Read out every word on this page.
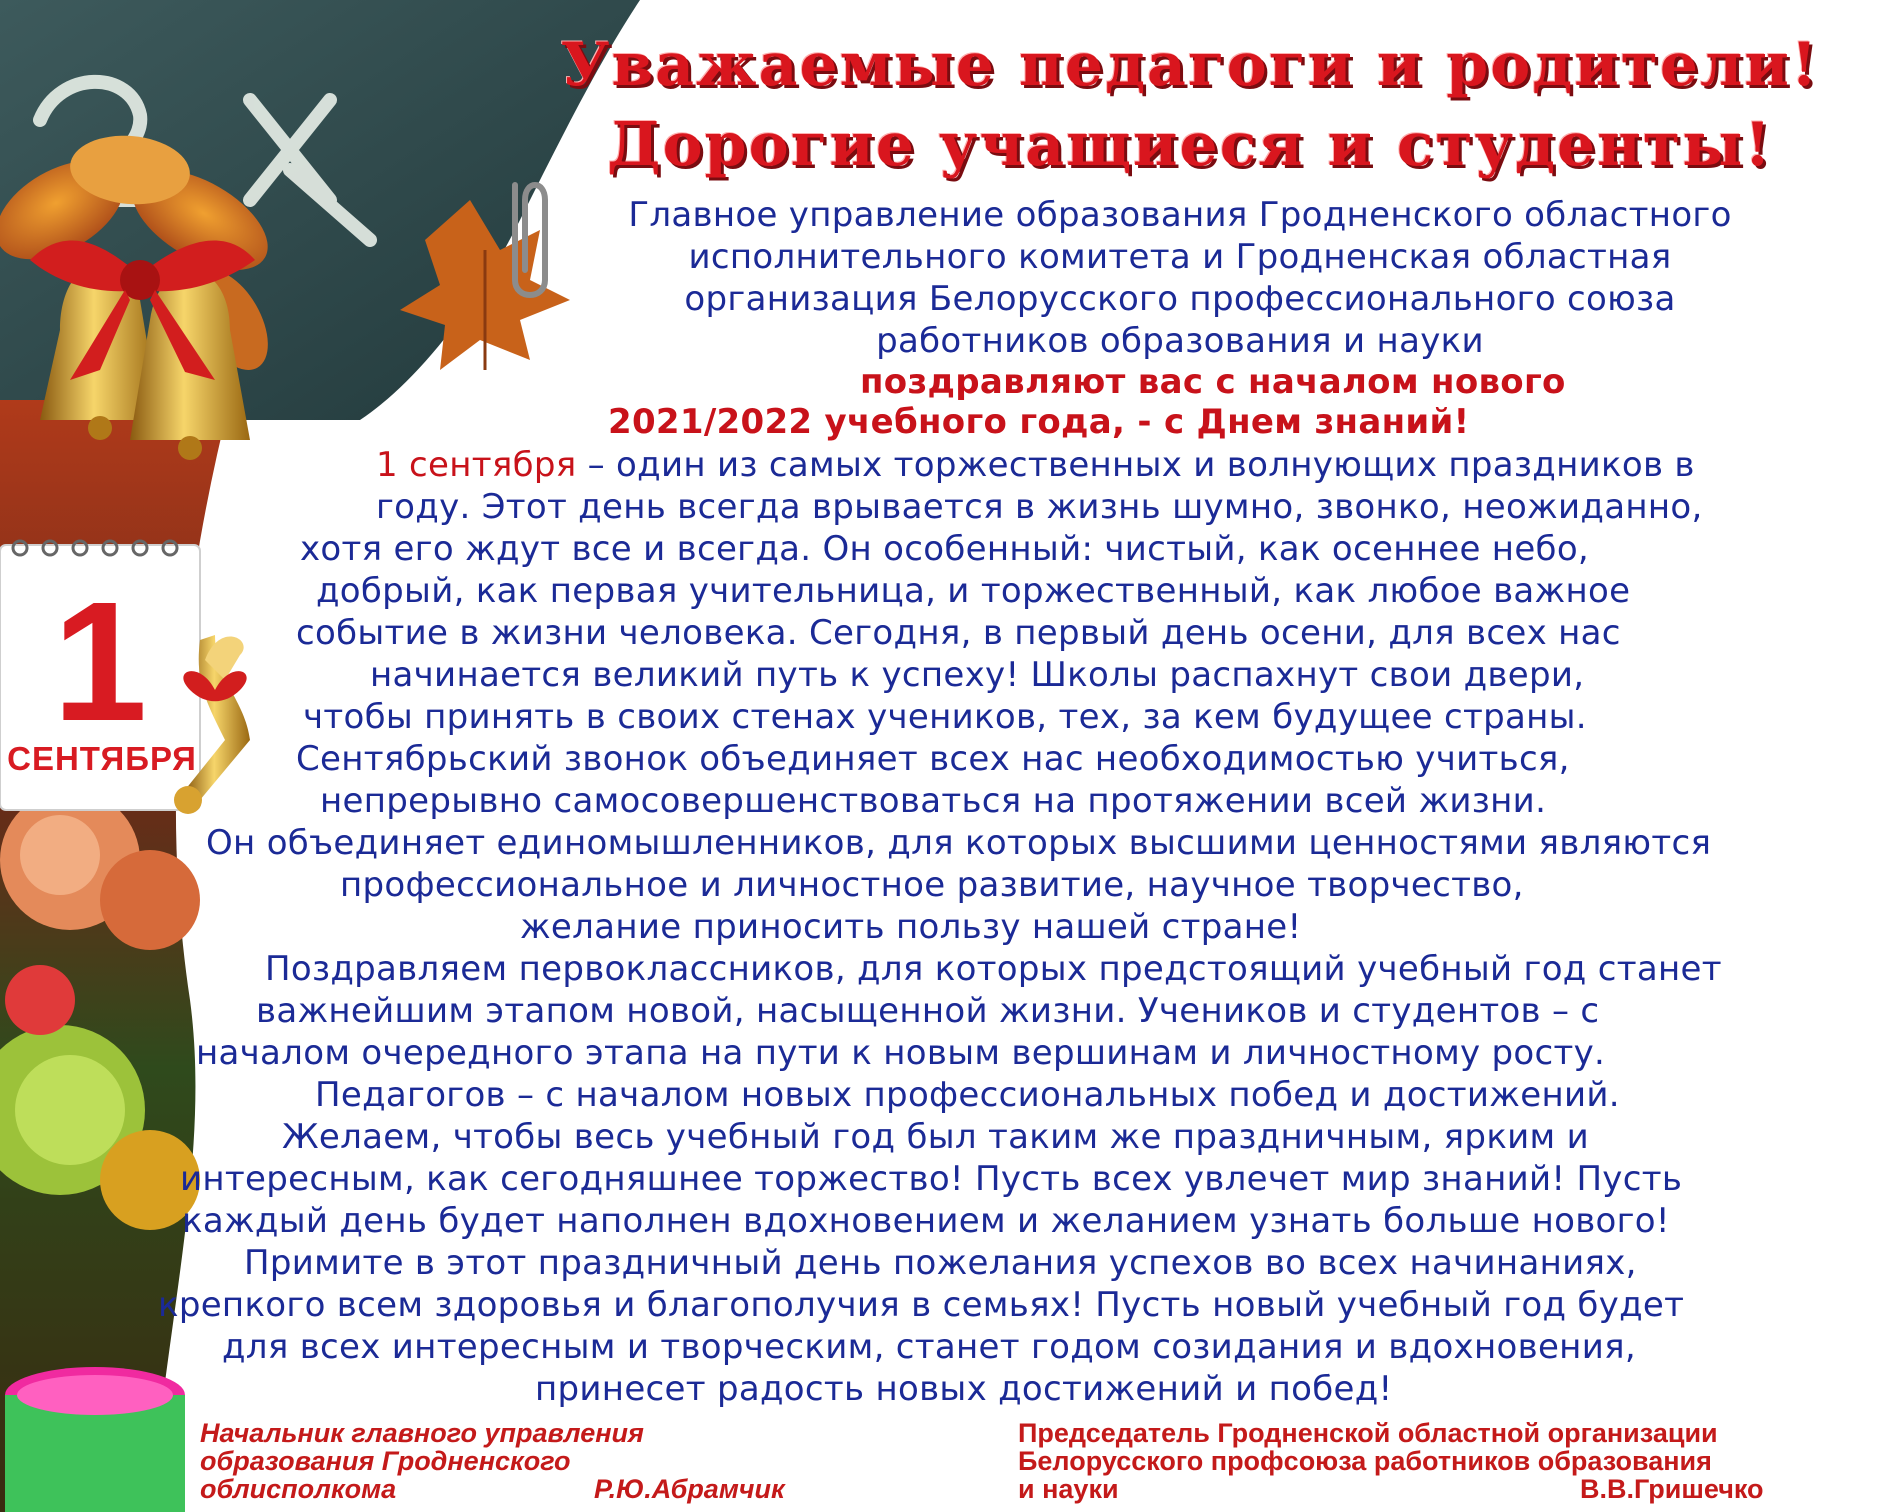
1
СЕНТЯБРЯ
Уважаемые педагоги и родители!
Дорогие учащиеся и студенты!

Главное управление образования Гродненского областного

исполнительного комитета и Гродненская областная

организация Белорусского профессионального союза

работников образования и науки

поздравляют вас с началом нового

2021/2022 учебного года, - с Днем знаний!

1 сентября – один из самых торжественных и волнующих праздников в

году. Этот день всегда врывается в жизнь шумно, звонко, неожиданно,

хотя его ждут все и всегда. Он особенный: чистый, как осеннее небо,

добрый, как первая учительница, и торжественный, как любое важное

событие в жизни человека. Сегодня, в первый день осени, для всех нас

начинается великий путь к успеху! Школы распахнут свои двери,

чтобы принять в своих стенах учеников, тех, за кем будущее страны.

Сентябрьский звонок объединяет всех нас необходимостью учиться,

непрерывно самосовершенствоваться на протяжении всей жизни.

Он объединяет единомышленников, для которых высшими ценностями являются

профессиональное и личностное развитие, научное творчество,

желание приносить пользу нашей стране!

Поздравляем первоклассников, для которых предстоящий учебный год станет

важнейшим этапом новой, насыщенной жизни. Учеников и студентов – с

началом очередного этапа на пути к новым вершинам и личностному росту.

Педагогов – с началом новых профессиональных побед и достижений.

Желаем, чтобы весь учебный год был таким же праздничным, ярким и

интересным, как сегодняшнее торжество! Пусть всех увлечет мир знаний! Пусть

каждый день будет наполнен вдохновением и желанием узнать больше нового!

Примите в этот праздничный день пожелания успехов во всех начинаниях,

крепкого всем здоровья и благополучия в семьях! Пусть новый учебный год будет

для всех интересным и творческим, станет годом созидания и вдохновения,

принесет радость новых достижений и побед!

Начальник главного управления

образования Гродненского

облисполкома	Р.Ю.Абрамчик

Председатель Гродненской областной организации

Белорусского профсоюза работников образования

и науки	В.В.Гришечко
